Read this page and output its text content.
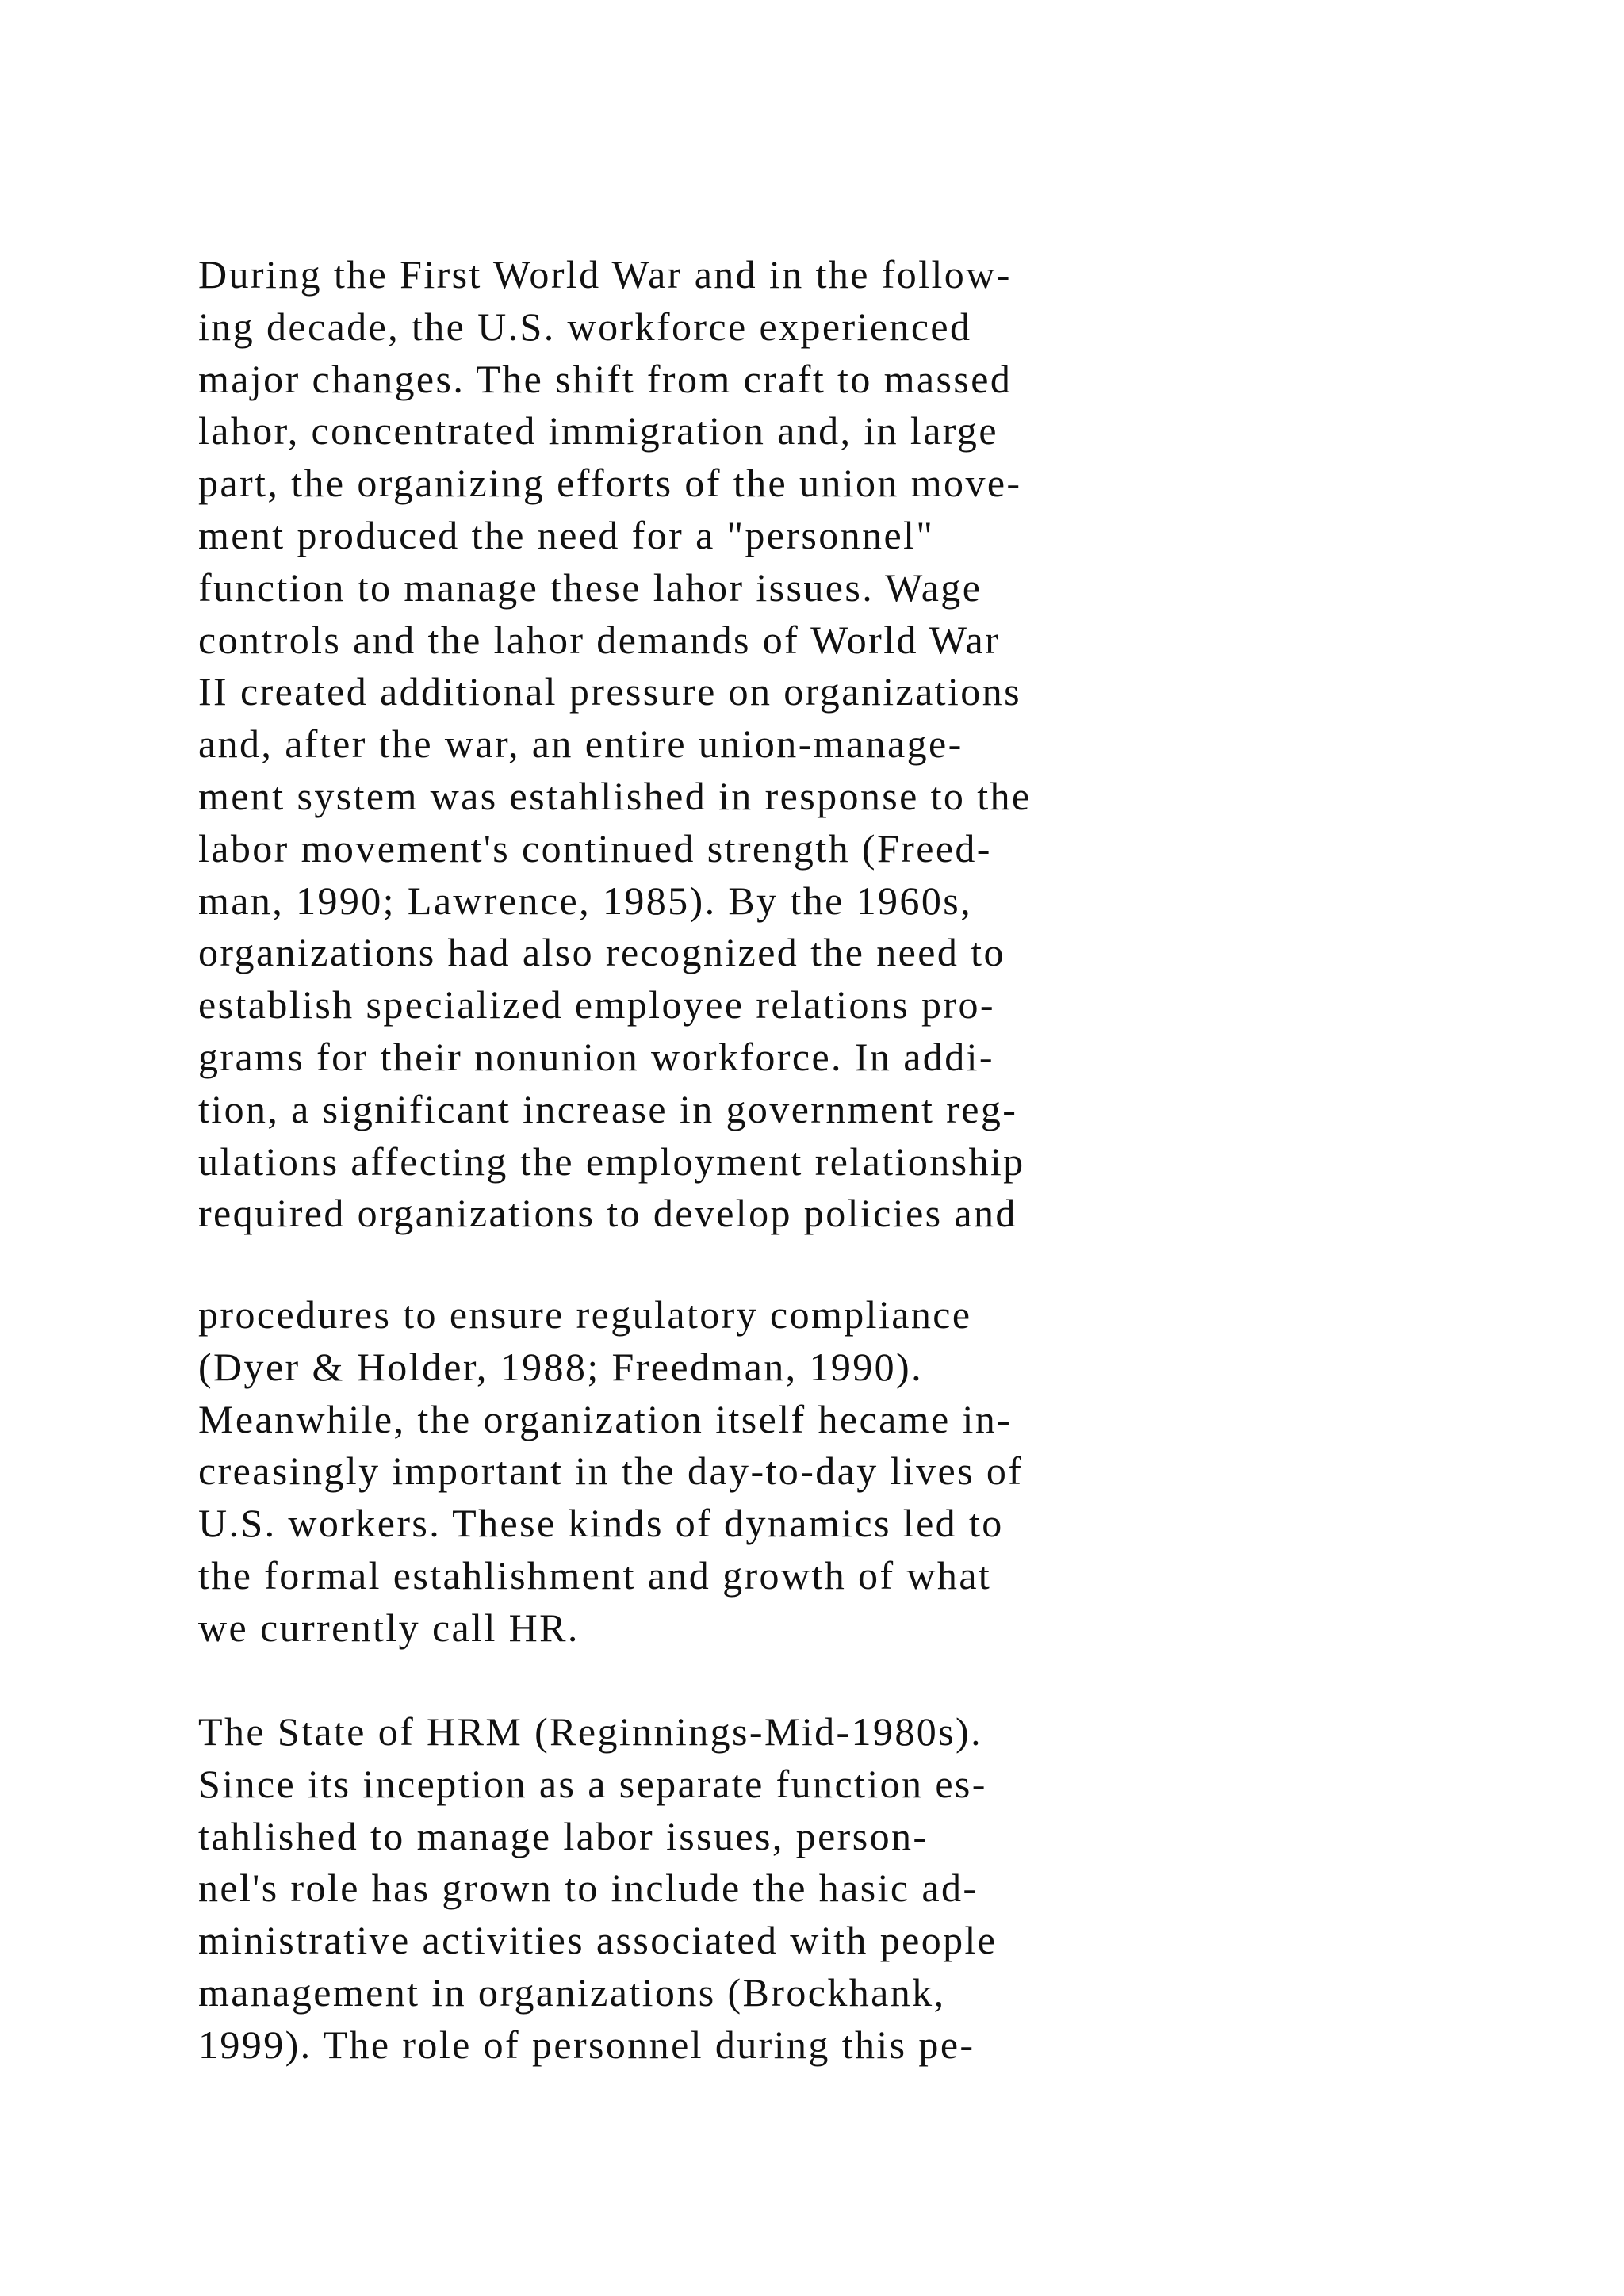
During the First World War and in the follow-
ing decade, the U.S. workforce experienced
major changes. The shift from craft to massed
lahor, concentrated immigration and, in large
part, the organizing efforts of the union move-
ment produced the need for a "personnel"
function to manage these lahor issues. Wage
controls and the lahor demands of World War
II created additional pressure on organizations
and, after the war, an entire union-manage-
ment system was estahlished in response to the
labor movement's continued strength (Freed-
man, 1990; Lawrence, 1985). By the 1960s,
organizations had also recognized the need to
establish specialized employee relations pro-
grams for their nonunion workforce. In addi-
tion, a significant increase in government reg-
ulations affecting the employment relationship
required organizations to develop policies and

procedures to ensure regulatory compliance
(Dyer & Holder, 1988; Freedman, 1990).
Meanwhile, the organization itself hecame in-
creasingly important in the day-to-day lives of
U.S. workers. These kinds of dynamics led to
the formal estahlishment and growth of what
we currently call HR.

The State of HRM (Reginnings-Mid-1980s).
Since its inception as a separate function es-
tahlished to manage labor issues, person-
nel's role has grown to include the hasic ad-
ministrative activities associated with people
management in organizations (Brockhank,
1999). The role of personnel during this pe-
